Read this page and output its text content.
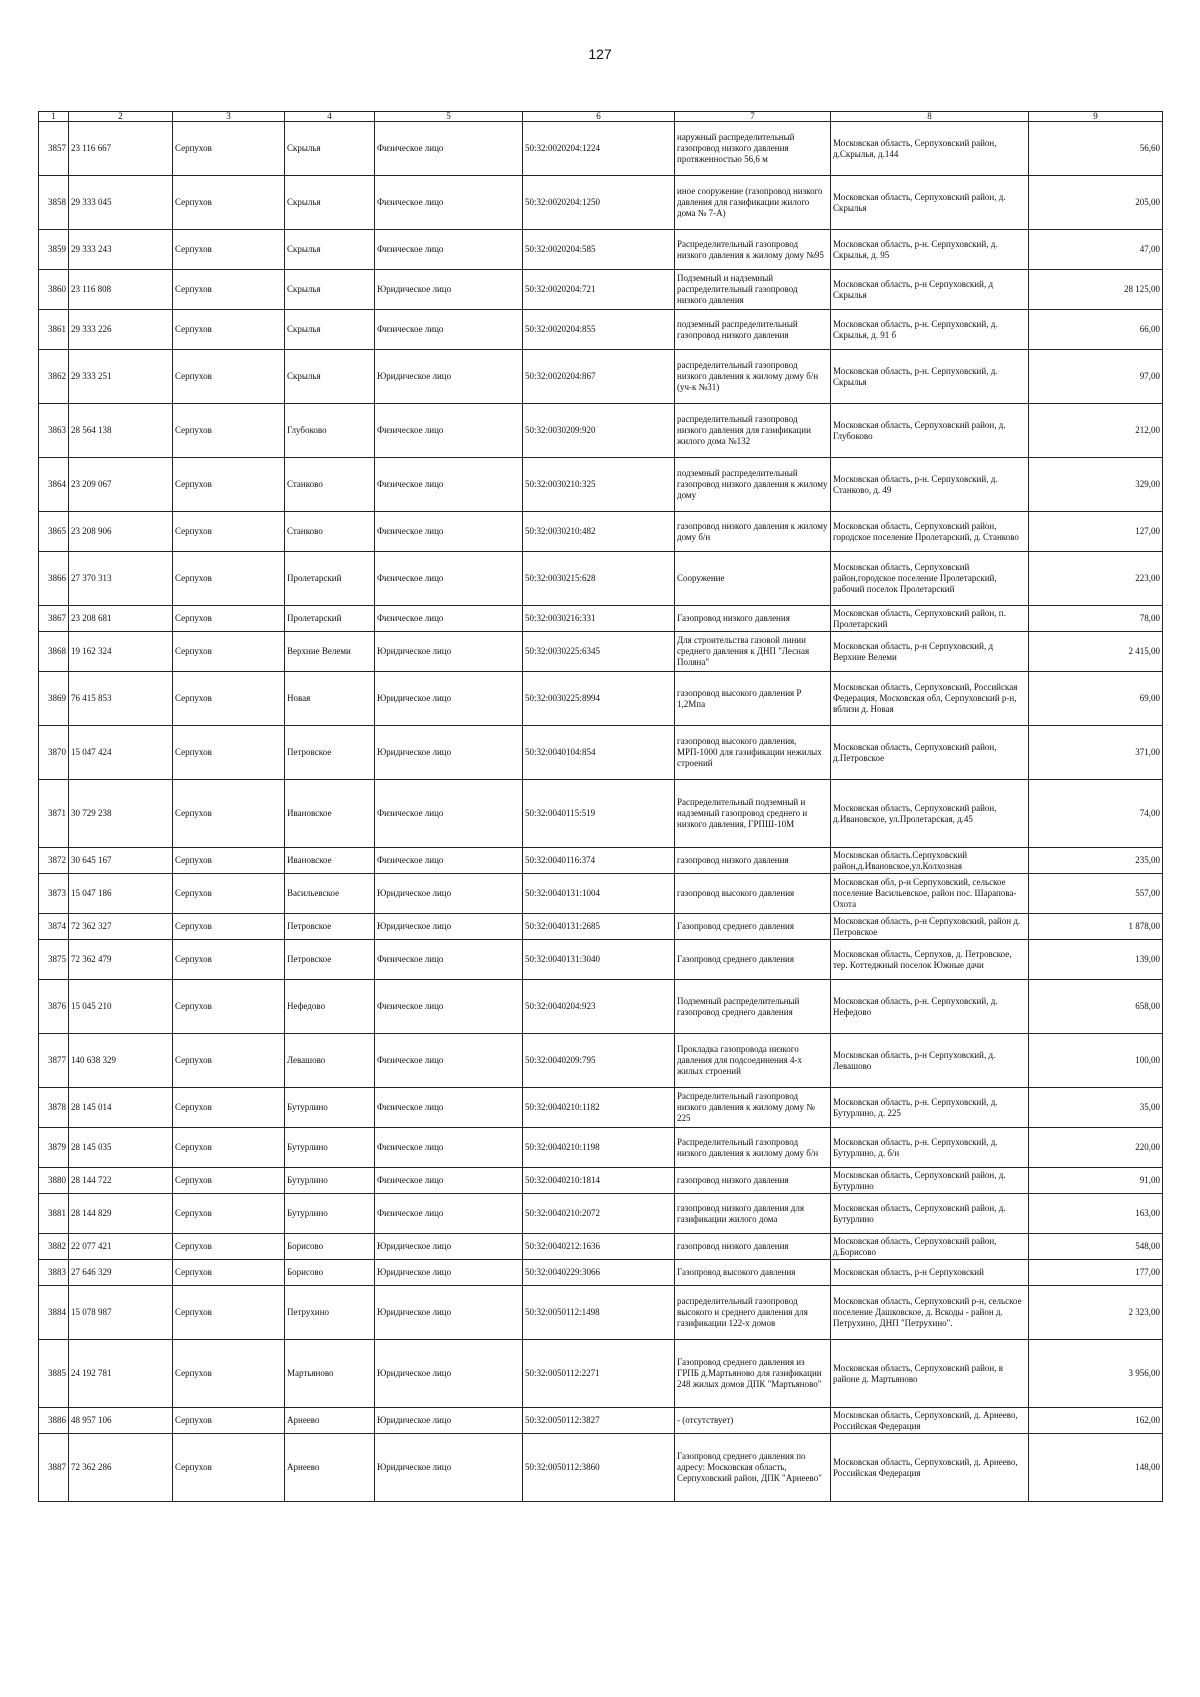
127
1	2	3	4	5	6	7	8	9
3857	23 116 667	Серпухов	Скрылья	Физическое лицо	50:32:0020204:1224	наружный распределительный газопровод низкого давления протяженностью 56,6 м	Московская область, Серпуховский район, д.Скрылья, д.144	56,60
3858	29 333 045	Серпухов	Скрылья	Физическое лицо	50:32:0020204:1250	иное сооружение (газопровод низкого давления для газификации жилого дома № 7-А)	Московская область, Серпуховский район, д. Скрылья	205,00
3859	29 333 243	Серпухов	Скрылья	Физическое лицо	50:32:0020204:585	Распределительный газопровод низкого давления к жилому дому №95	Московская область, р-н. Серпуховский, д. Скрылья, д. 95	47,00
3860	23 116 808	Серпухов	Скрылья	Юридическое лицо	50:32:0020204:721	Подземный и надземный распределительный газопровод низкого давления	Московская область, р-н Серпуховский, д Скрылья	28 125,00
3861	29 333 226	Серпухов	Скрылья	Физическое лицо	50:32:0020204:855	подземный распределительный газопровод низкого давления	Московская область, р-н. Серпуховский, д. Скрылья, д. 91 б	66,00
3862	29 333 251	Серпухов	Скрылья	Юридическое лицо	50:32:0020204:867	распределительный газопровод низкого давления к жилому дому б/н (уч-к №31)	Московская область, р-н. Серпуховский, д. Скрылья	97,00
3863	28 564 138	Серпухов	Глубоково	Физическое лицо	50:32:0030209:920	распределительный газопровод низкого давления для газификации жилого дома №132	Московская область, Серпуховский район, д. Глубоково	212,00
3864	23 209 067	Серпухов	Станково	Физическое лицо	50:32:0030210:325	подземный распределительный газопровод низкого давления к жилому дому	Московская область, р-н. Серпуховский, д. Станково, д. 49	329,00
3865	23 208 906	Серпухов	Станково	Физическое лицо	50:32:0030210:482	газопровод низкого давления к жилому дому б/н	Московская область, Серпуховский район, городское поселение Пролетарский, д. Станково	127,00
3866	27 370 313	Серпухов	Пролетарский	Физическое лицо	50:32:0030215:628	Сооружение	Московская область, Серпуховский район,городское поселение Пролетарский, рабочий поселок Пролетарский	223,00
3867	23 208 681	Серпухов	Пролетарский	Физическое лицо	50:32:0030216:331	Газопровод низкого давления	Московская область, Серпуховский район, п. Пролетарский	78,00
3868	19 162 324	Серпухов	Верхние Велеми	Юридическое лицо	50:32:0030225:6345	Для строительства газовой линии среднего давления к ДНП "Лесная Поляна"	Московская область, р-н Серпуховский, д Верхние Велеми	2 415,00
3869	76 415 853	Серпухов	Новая	Юридическое лицо	50:32:0030225:8994	газопровод высокого давления Р 1,2Мпа	Московская область, Серпуховский, Российская Федерация, Московская обл, Серпуховский р-н, вблизи д. Новая	69,00
3870	15 047 424	Серпухов	Петровское	Юридическое лицо	50:32:0040104:854	газопровод высокого давления, МРП-1000 для газификации нежилых строений	Московская область, Серпуховский район, д.Петровское	371,00
3871	30 729 238	Серпухов	Ивановское	Физическое лицо	50:32:0040115:519	Распределительный подземный и надземный газопровод среднего и низкого давления, ГРПШ-10М	Московская область, Серпуховский район, д.Ивановское, ул.Пролетарская, д.45	74,00
3872	30 645 167	Серпухов	Ивановское	Физическое лицо	50:32:0040116:374	газопровод низкого давления	Московская область.Серпуховский район,д.Ивановское,ул.Колхозная	235,00
3873	15 047 186	Серпухов	Васильевское	Юридическое лицо	50:32:0040131:1004	газопровод высокого давления	Московская обл, р-н Серпуховский, сельское поселение Васильевское, район пос. Шарапова-Охота	557,00
3874	72 362 327	Серпухов	Петровское	Юридическое лицо	50:32:0040131:2685	Газопровод среднего давления	Московская область, р-н Серпуховский, район д. Петровское	1 878,00
3875	72 362 479	Серпухов	Петровское	Физическое лицо	50:32:0040131:3040	Газопровод среднего давления	Московская область, Серпухов, д. Петровское, тер. Коттеджный поселок Южные дачи	139,00
3876	15 045 210	Серпухов	Нефедово	Физическое лицо	50:32:0040204:923	Подземный распределительный газопровод среднего давления	Московская область, р-н. Серпуховский, д. Нефедово	658,00
3877	140 638 329	Серпухов	Левашово	Физическое лицо	50:32:0040209:795	Прокладка газопровода низкого давления для подсоединения 4-х жилых строений	Московская область, р-н Серпуховский, д. Левашово	100,00
3878	28 145 014	Серпухов	Бутурлино	Физическое лицо	50:32:0040210:1182	Распределительный газопровод низкого давления к жилому дому № 225	Московская область, р-н. Серпуховский, д. Бутурлино, д. 225	35,00
3879	28 145 035	Серпухов	Бутурлино	Физическое лицо	50:32:0040210:1198	Распределительный газопровод низкого давления к жилому дому б/н	Московская область, р-н. Серпуховский, д. Бутурлино, д. б/н	220,00
3880	28 144 722	Серпухов	Бутурлино	Физическое лицо	50:32:0040210:1814	газопровод низкого давления	Московская область, Серпуховский район, д. Бутурлино	91,00
3881	28 144 829	Серпухов	Бутурлино	Физическое лицо	50:32:0040210:2072	газопровод низкого давления для газификации жилого дома	Московская область, Серпуховский район, д. Бутурлино	163,00
3882	22 077 421	Серпухов	Борисово	Юридическое лицо	50:32:0040212:1636	газопровод низкого давления	Московская область, Серпуховский район, д.Борисово	548,00
3883	27 646 329	Серпухов	Борисово	Юридическое лицо	50:32:0040229:3066	Газопровод высокого давления	Московская область, р-н Серпуховский	177,00
3884	15 078 987	Серпухов	Петрухино	Юридическое лицо	50:32:0050112:1498	распределительный газопровод высокого и среднего давления для газификации 122-х домов	Московская область, Серпуховский р-н, сельское поселение Дашковское, д. Вскоды - район д. Петрухино, ДНП "Петрухино".	2 323,00
3885	24 192 781	Серпухов	Мартьяново	Юридическое лицо	50:32:0050112:2271	Газопровод среднего давления из ГРПБ д.Мартьяново для газификации 248 жилых домов ДПК "Мартьяново"	Московская область, Серпуховский район, в районе д. Мартьяново	3 956,00
3886	48 957 106	Серпухов	Арнеево	Юридическое лицо	50:32:0050112:3827	- (отсутствует)	Московская область, Серпуховский, д. Арнеево, Российская Федерация	162,00
3887	72 362 286	Серпухов	Арнеево	Юридическое лицо	50:32:0050112:3860	Газопровод среднего давления по адресу: Московская область, Серпуховский район, ДПК "Арнеево"	Московская область, Серпуховский, д. Арнеево, Российская Федерация	148,00
